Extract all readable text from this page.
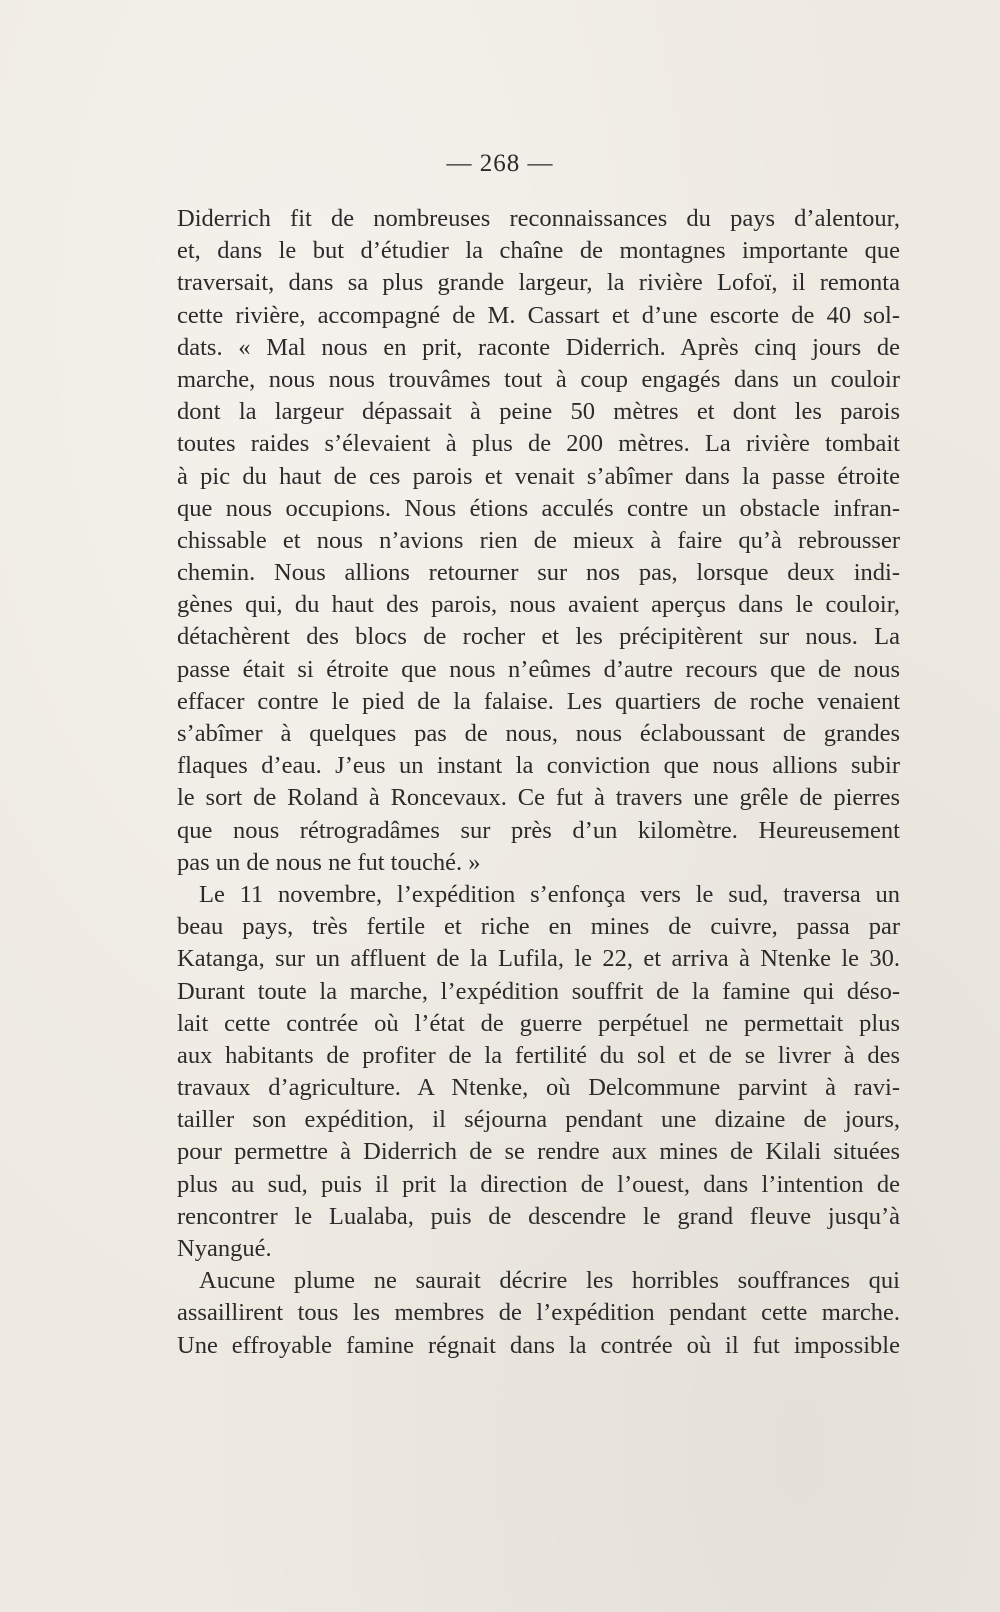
— 268 —
Diderrich fit de nombreuses reconnaissances du pays d’alentour,
et, dans le but d’étudier la chaîne de montagnes importante que
traversait, dans sa plus grande largeur, la rivière Lofoï, il remonta
cette rivière, accompagné de M. Cassart et d’une escorte de 40 sol-
dats. « Mal nous en prit, raconte Diderrich. Après cinq jours de
marche, nous nous trouvâmes tout à coup engagés dans un couloir
dont la largeur dépassait à peine 50 mètres et dont les parois
toutes raides s’élevaient à plus de 200 mètres. La rivière tombait
à pic du haut de ces parois et venait s’abîmer dans la passe étroite
que nous occupions. Nous étions acculés contre un obstacle infran-
chissable et nous n’avions rien de mieux à faire qu’à rebrousser
chemin. Nous allions retourner sur nos pas, lorsque deux indi-
gènes qui, du haut des parois, nous avaient aperçus dans le couloir,
détachèrent des blocs de rocher et les précipitèrent sur nous. La
passe était si étroite que nous n’eûmes d’autre recours que de nous
effacer contre le pied de la falaise. Les quartiers de roche venaient
s’abîmer à quelques pas de nous, nous éclaboussant de grandes
flaques d’eau. J’eus un instant la conviction que nous allions subir
le sort de Roland à Roncevaux. Ce fut à travers une grêle de pierres
que nous rétrogradâmes sur près d’un kilomètre. Heureusement
pas un de nous ne fut touché. »
Le 11 novembre, l’expédition s’enfonça vers le sud, traversa un
beau pays, très fertile et riche en mines de cuivre, passa par
Katanga, sur un affluent de la Lufila, le 22, et arriva à Ntenke le 30.
Durant toute la marche, l’expédition souffrit de la famine qui déso-
lait cette contrée où l’état de guerre perpétuel ne permettait plus
aux habitants de profiter de la fertilité du sol et de se livrer à des
travaux d’agriculture. A Ntenke, où Delcommune parvint à ravi-
tailler son expédition, il séjourna pendant une dizaine de jours,
pour permettre à Diderrich de se rendre aux mines de Kilali situées
plus au sud, puis il prit la direction de l’ouest, dans l’intention de
rencontrer le Lualaba, puis de descendre le grand fleuve jusqu’à
Nyangué.
Aucune plume ne saurait décrire les horribles souffrances qui
assaillirent tous les membres de l’expédition pendant cette marche.
Une effroyable famine régnait dans la contrée où il fut impossible
